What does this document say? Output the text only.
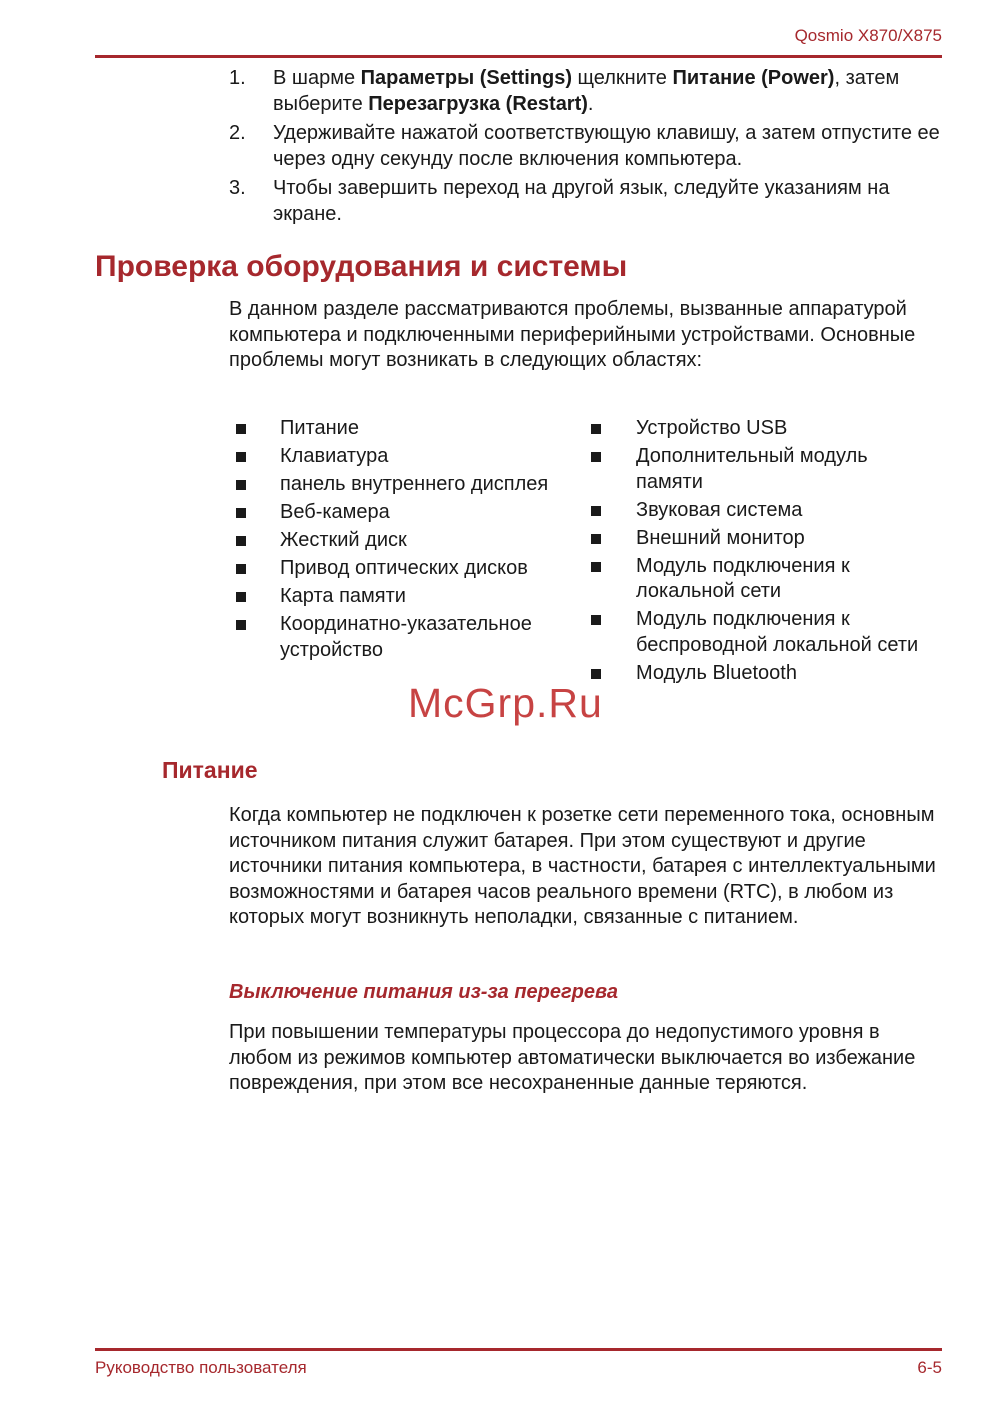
Qosmio X870/X875
1. В шарме Параметры (Settings) щелкните Питание (Power), затем выберите Перезагрузка (Restart).
2. Удерживайте нажатой соответствующую клавишу, а затем отпустите ее через одну секунду после включения компьютера.
3. Чтобы завершить переход на другой язык, следуйте указаниям на экране.
Проверка оборудования и системы

В данном разделе рассматриваются проблемы, вызванные аппаратурой компьютера и подключенными периферийными устройствами. Основные проблемы могут возникать в следующих областях:

Питание
Клавиатура
панель внутреннего дисплея
Веб-камера
Жесткий диск
Привод оптических дисков
Карта памяти
Координатно-указательное устройство
Устройство USB
Дополнительный модуль памяти
Звуковая система
Внешний монитор
Модуль подключения к локальной сети
Модуль подключения к беспроводной локальной сети
Модуль Bluetooth
McGrp.Ru
Питание

Когда компьютер не подключен к розетке сети переменного тока, основным источником питания служит батарея. При этом существуют и другие источники питания компьютера, в частности, батарея с интеллектуальными возможностями и батарея часов реального времени (RTC), в любом из которых могут возникнуть неполадки, связанные с питанием.

Выключение питания из-за перегрева

При повышении температуры процессора до недопустимого уровня в любом из режимов компьютер автоматически выключается во избежание повреждения, при этом все несохраненные данные теряются.

Руководство пользователя	6-5
